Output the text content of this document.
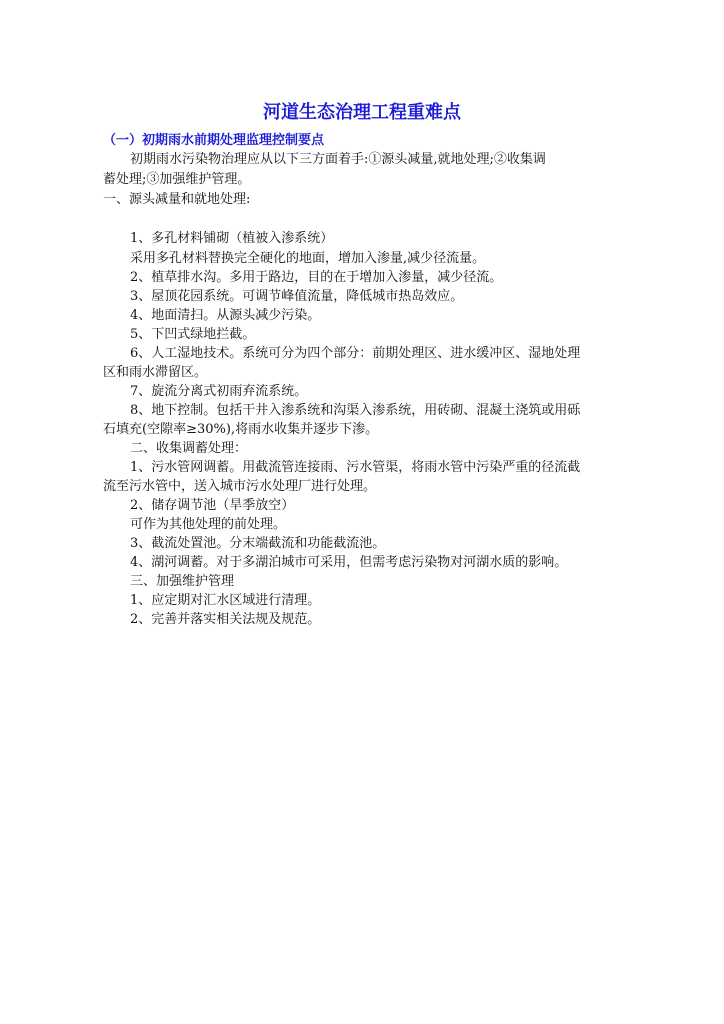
河道生态治理工程重难点
（一）初期雨水前期处理监理控制要点
初期雨水污染物治理应从以下三方面着手:①源头减量,就地处理;②收集调
蓄处理;③加强维护管理。
一、源头减量和就地处理:
1、多孔材料铺砌（植被入渗系统）
采用多孔材料替换完全硬化的地面，增加入渗量,减少径流量。
2、植草排水沟。多用于路边，目的在于增加入渗量，减少径流。
3、屋顶花园系统。可调节峰值流量，降低城市热岛效应。
4、地面清扫。从源头减少污染。
5、下凹式绿地拦截。
6、人工湿地技术。系统可分为四个部分：前期处理区、进水缓冲区、湿地处理
区和雨水滞留区。
7、旋流分离式初雨弃流系统。
8、地下控制。包括干井入渗系统和沟渠入渗系统，用砖砌、混凝土浇筑或用砾
石填充(空隙率≥30%),将雨水收集并逐步下渗。
二、收集调蓄处理：
1、污水管网调蓄。用截流管连接雨、污水管渠，将雨水管中污染严重的径流截
流至污水管中，送入城市污水处理厂进行处理。
2、储存调节池（旱季放空）
可作为其他处理的前处理。
3、截流处置池。分末端截流和功能截流池。
4、湖河调蓄。对于多湖泊城市可采用，但需考虑污染物对河湖水质的影响。
三、加强维护管理
1、应定期对汇水区域进行清理。
2、完善并落实相关法规及规范。
